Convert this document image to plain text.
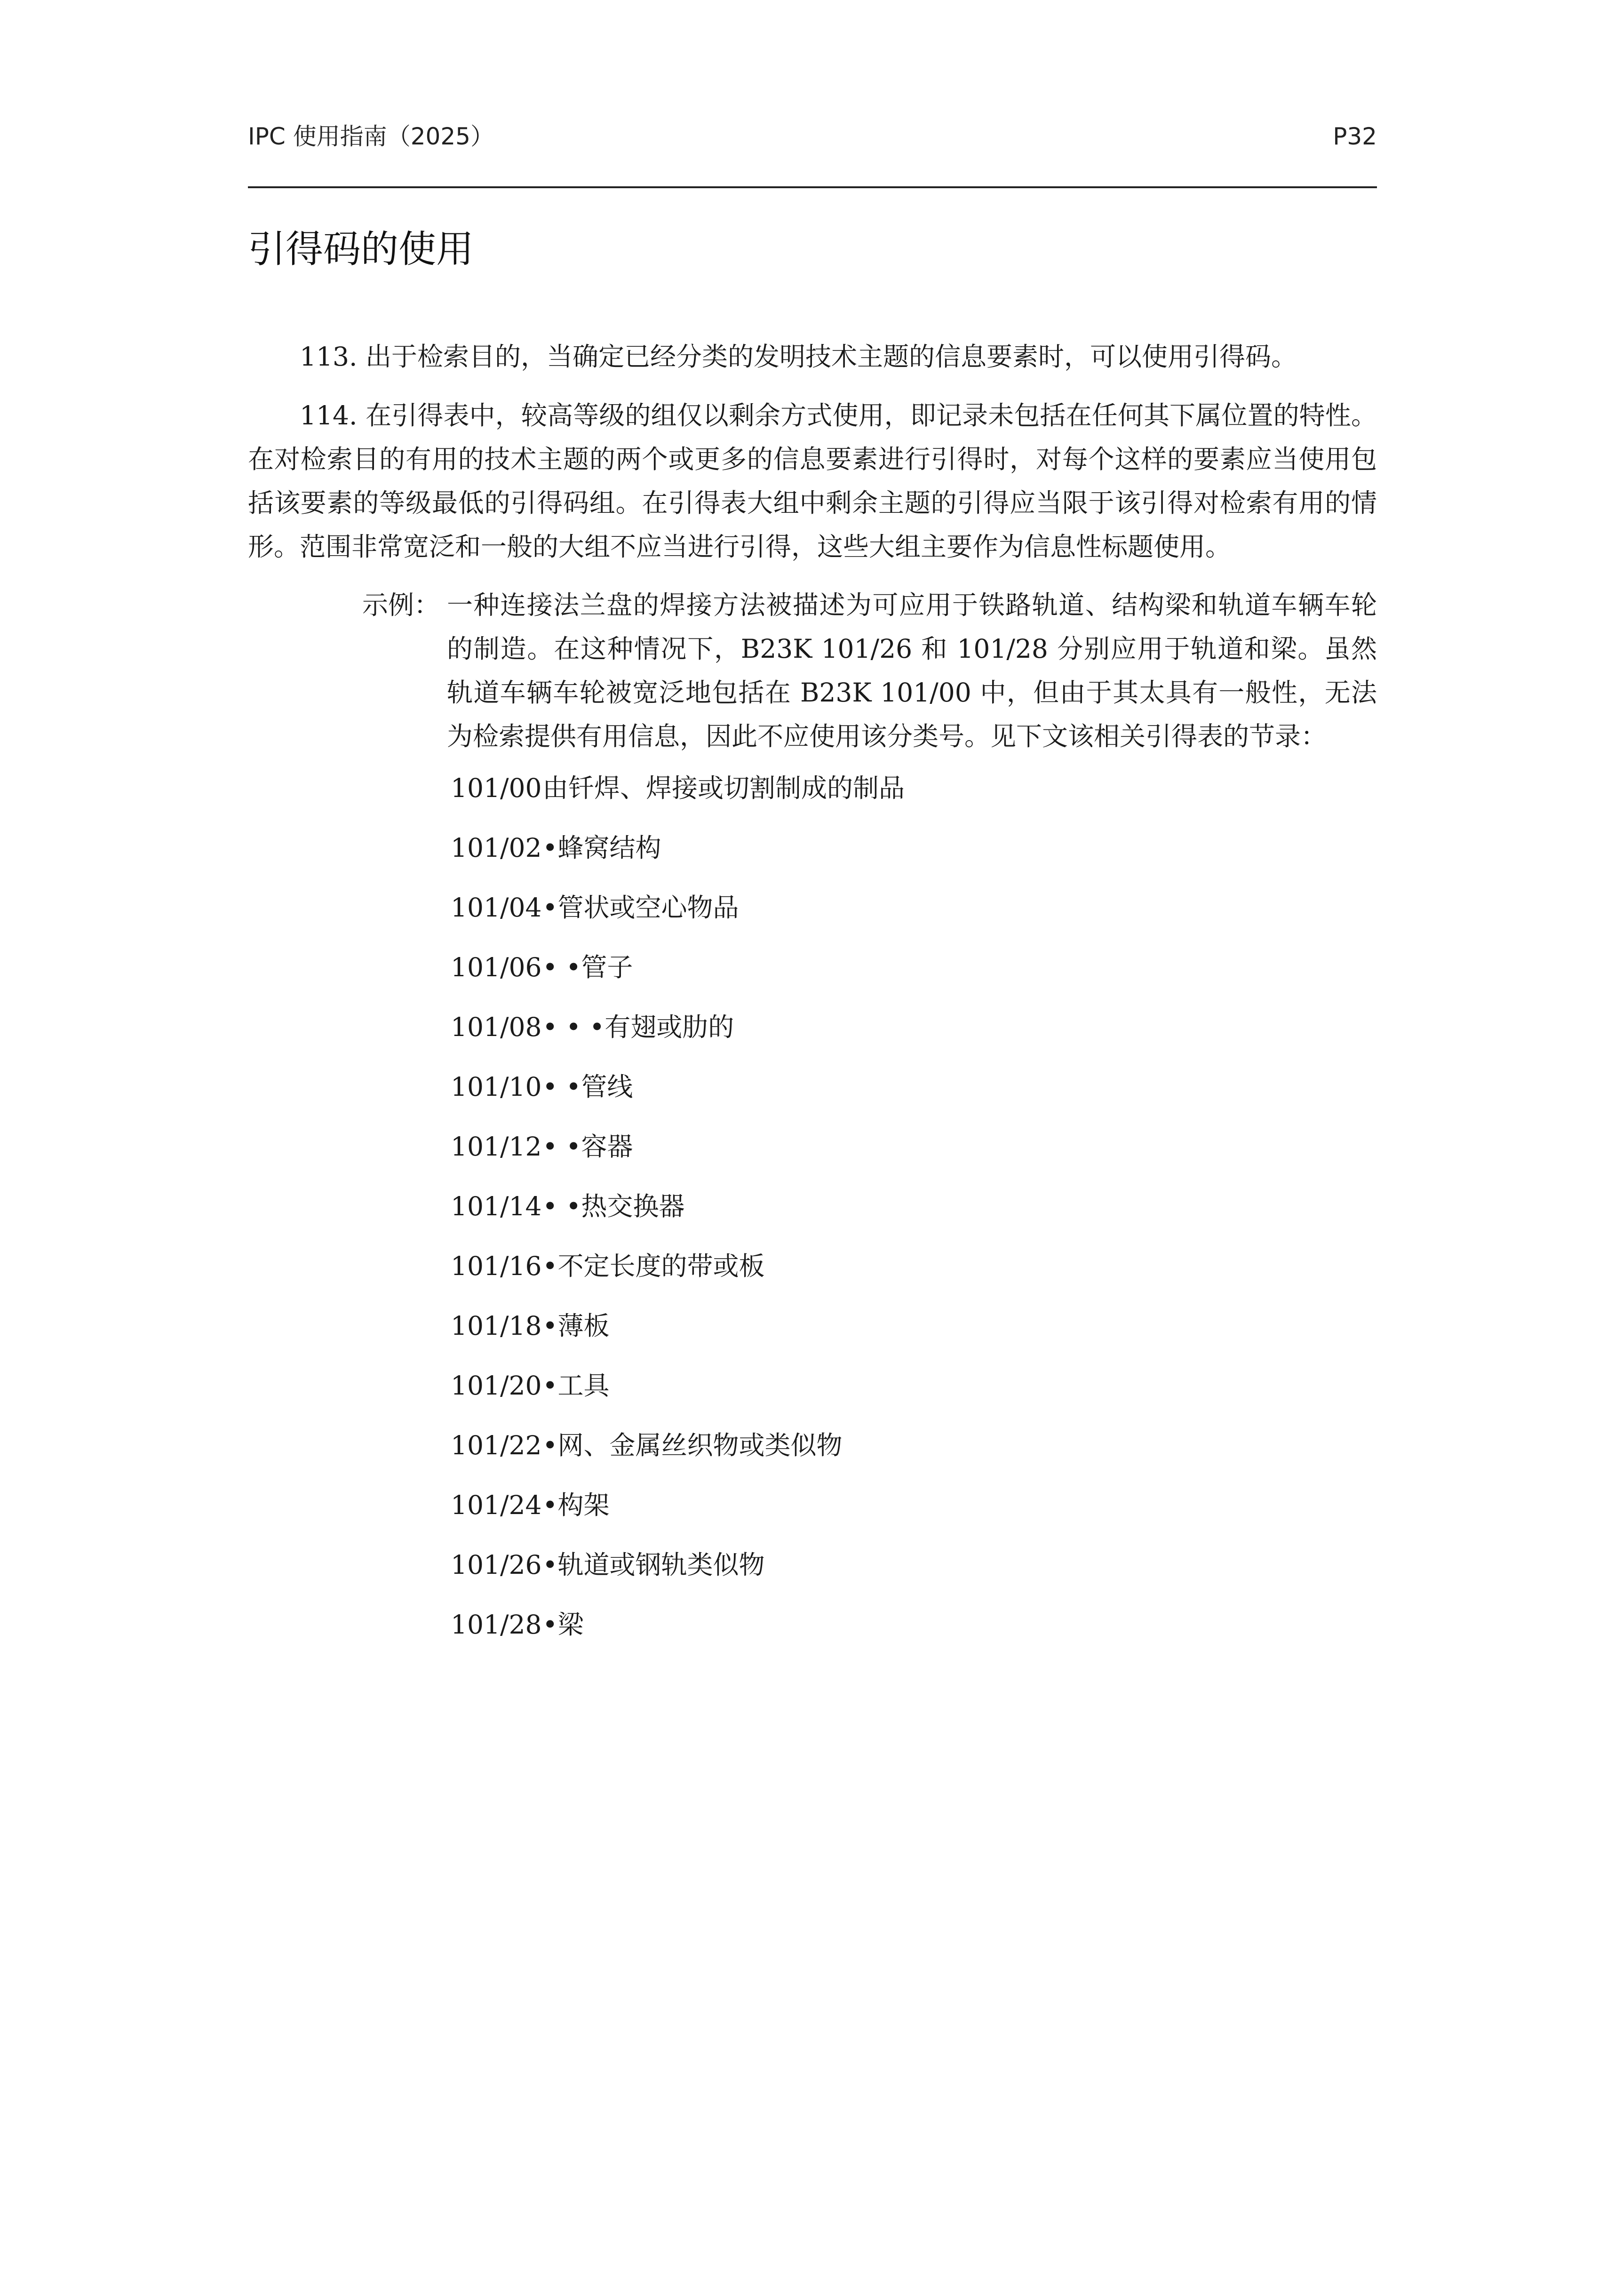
IPC 使用指南（2025）	P32
引得码的使用
113. 出于检索目的，当确定已经分类的发明技术主题的信息要素时，可以使用引得码。
114. 在引得表中，较高等级的组仅以剩余方式使用，即记录未包括在任何其下属位置的特性。在对检索目的有用的技术主题的两个或更多的信息要素进行引得时，对每个这样的要素应当使用包括该要素的等级最低的引得码组。在引得表大组中剩余主题的引得应当限于该引得对检索有用的情形。范围非常宽泛和一般的大组不应当进行引得，这些大组主要作为信息性标题使用。
示例： 一种连接法兰盘的焊接方法被描述为可应用于铁路轨道、结构梁和轨道车辆车轮的制造。在这种情况下，B23K 101/26 和 101/28 分别应用于轨道和梁。虽然轨道车辆车轮被宽泛地包括在 B23K 101/00 中，但由于其太具有一般性，无法为检索提供有用信息，因此不应使用该分类号。见下文该相关引得表的节录：
101/00由钎焊、焊接或切割制成的制品
101/02•蜂窝结构
101/04•管状或空心物品
101/06• •管子
101/08• • •有翅或肋的
101/10• •管线
101/12• •容器
101/14• •热交换器
101/16•不定长度的带或板
101/18•薄板
101/20•工具
101/22•网、金属丝织物或类似物
101/24•构架
101/26•轨道或钢轨类似物
101/28•梁
